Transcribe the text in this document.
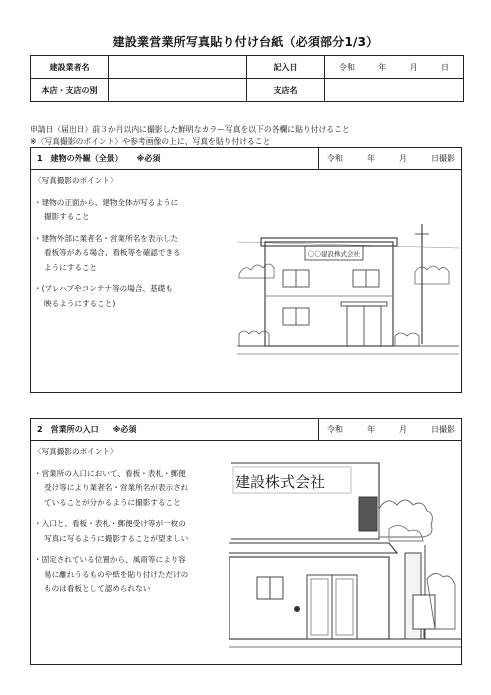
建設業営業所写真貼り付け台紙（必須部分1/3）
建設業者名		記入日	令和 年 月 日

本店・支店の別		支店名	
申請日（届出日）前３か月以内に撮影した鮮明なカラー写真を以下の各欄に貼り付けること
※〈写真撮影のポイント〉や参考画像の上に、写真を貼り付けること
1　建物の外観（全景） ※必須	令和	年	月	日撮影
〈写真撮影のポイント〉
・建物の正面から、建物全体が写るように
撮影すること
・建物外部に業者名・営業所名を表示した
看板等がある場合、看板等を確認できる
ようにすること
・(プレハブやコンテナ等の場合、基礎も
映るようにすること)
〇〇建設株式会社
2　営業所の入口 ※必須	令和	年	月	日撮影
〈写真撮影のポイント〉
・営業所の入口において、看板・表札・郵便
受け等により業者名・営業所名が表示され
ていることが分かるように撮影すること
・入口と、看板・表札・郵便受け等が一枚の
写真に写るように撮影することが望ましい
・固定されている位置から、風雨等により容
易に離れうるものや紙を貼り付けただけの
ものは看板として認められない
建設株式会社
